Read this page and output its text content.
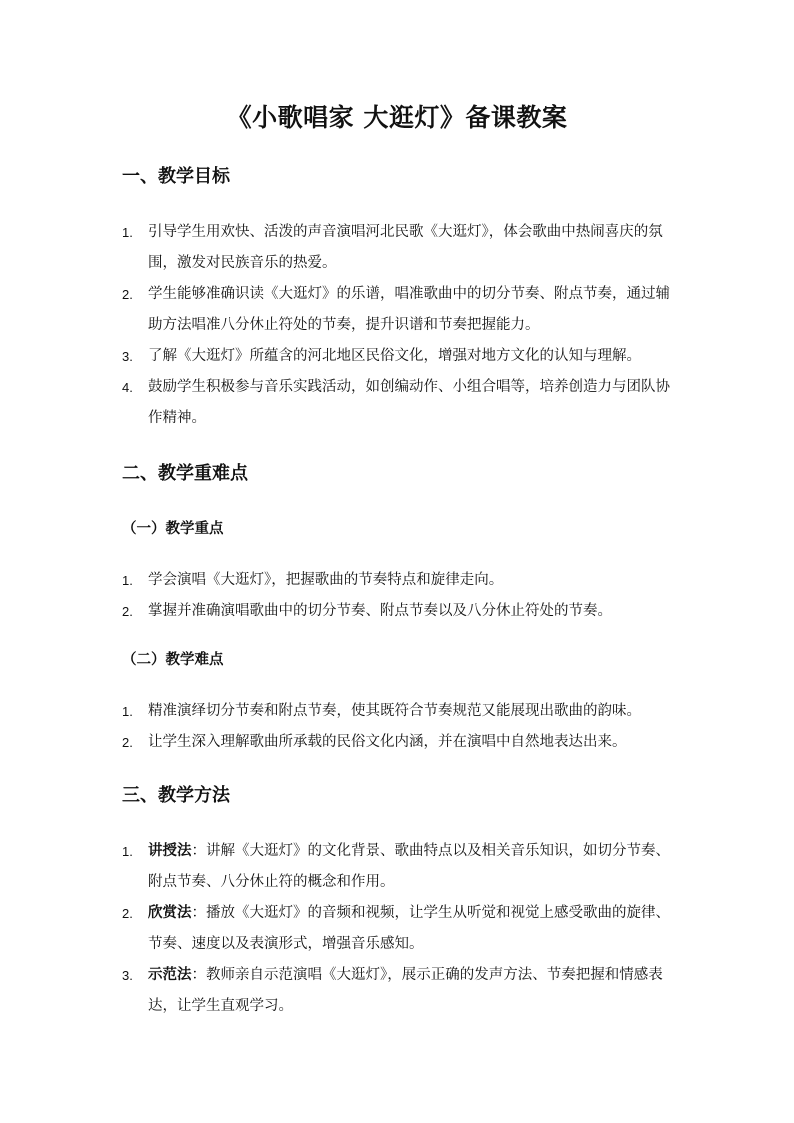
《小歌唱家 大逛灯》备课教案
一、教学目标
1. 引导学生用欢快、活泼的声音演唱河北民歌《大逛灯》，体会歌曲中热闹喜庆的氛围，激发对民族音乐的热爱。
2. 学生能够准确识读《大逛灯》的乐谱，唱准歌曲中的切分节奏、附点节奏，通过辅助方法唱准八分休止符处的节奏，提升识谱和节奏把握能力。
3. 了解《大逛灯》所蕴含的河北地区民俗文化，增强对地方文化的认知与理解。
4. 鼓励学生积极参与音乐实践活动，如创编动作、小组合唱等，培养创造力与团队协作精神。
二、教学重难点
（一）教学重点
1. 学会演唱《大逛灯》，把握歌曲的节奏特点和旋律走向。
2. 掌握并准确演唱歌曲中的切分节奏、附点节奏以及八分休止符处的节奏。
（二）教学难点
1. 精准演绎切分节奏和附点节奏，使其既符合节奏规范又能展现出歌曲的韵味。
2. 让学生深入理解歌曲所承载的民俗文化内涵，并在演唱中自然地表达出来。
三、教学方法
1. 讲授法：讲解《大逛灯》的文化背景、歌曲特点以及相关音乐知识，如切分节奏、附点节奏、八分休止符的概念和作用。
2. 欣赏法：播放《大逛灯》的音频和视频，让学生从听觉和视觉上感受歌曲的旋律、节奏、速度以及表演形式，增强音乐感知。
3. 示范法：教师亲自示范演唱《大逛灯》，展示正确的发声方法、节奏把握和情感表达，让学生直观学习。
